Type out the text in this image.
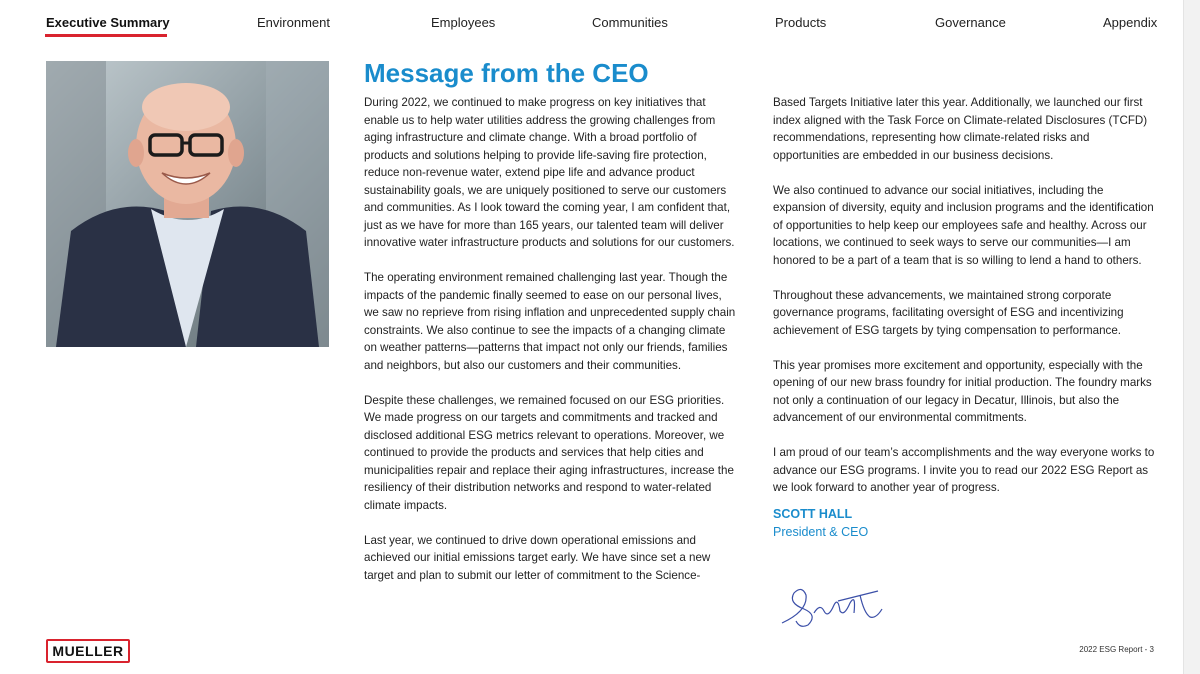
Executive Summary	Environment	Employees	Communities	Products	Governance	Appendix
Message from the CEO

During 2022, we continued to make progress on key initiatives that enable us to help water utilities address the growing challenges from aging infrastructure and climate change. With a broad portfolio of products and solutions helping to provide life-saving fire protection, reduce non-revenue water, extend pipe life and advance product sustainability goals, we are uniquely positioned to serve our customers and communities. As I look toward the coming year, I am confident that, just as we have for more than 165 years, our talented team will deliver innovative water infrastructure products and solutions for our customers.

The operating environment remained challenging last year. Though the impacts of the pandemic finally seemed to ease on our personal lives, we saw no reprieve from rising inflation and unprecedented supply chain constraints. We also continue to see the impacts of a changing climate on weather patterns—patterns that impact not only our friends, families and neighbors, but also our customers and their communities.

Despite these challenges, we remained focused on our ESG priorities. We made progress on our targets and commitments and tracked and disclosed additional ESG metrics relevant to operations. Moreover, we continued to provide the products and services that help cities and municipalities repair and replace their aging infrastructures, increase the resiliency of their distribution networks and respond to water-related climate impacts.

Last year, we continued to drive down operational emissions and achieved our initial emissions target early. We have since set a new target and plan to submit our letter of commitment to the Science-

Based Targets Initiative later this year. Additionally, we launched our first index aligned with the Task Force on Climate-related Disclosures (TCFD) recommendations, representing how climate-related risks and opportunities are embedded in our business decisions.

We also continued to advance our social initiatives, including the expansion of diversity, equity and inclusion programs and the identification of opportunities to help keep our employees safe and healthy. Across our locations, we continued to seek ways to serve our communities—I am honored to be a part of a team that is so willing to lend a hand to others.

Throughout these advancements, we maintained strong corporate governance programs, facilitating oversight of ESG and incentivizing achievement of ESG targets by tying compensation to performance.

This year promises more excitement and opportunity, especially with the opening of our new brass foundry for initial production. The foundry marks not only a continuation of our legacy in Decatur, Illinois, but also the advancement of our environmental commitments.

I am proud of our team’s accomplishments and the way everyone works to advance our ESG programs. I invite you to read our 2022 ESG Report as we look forward to another year of progress.

SCOTT HALL
President & CEO
MUELLER	2022 ESG Report - 3
